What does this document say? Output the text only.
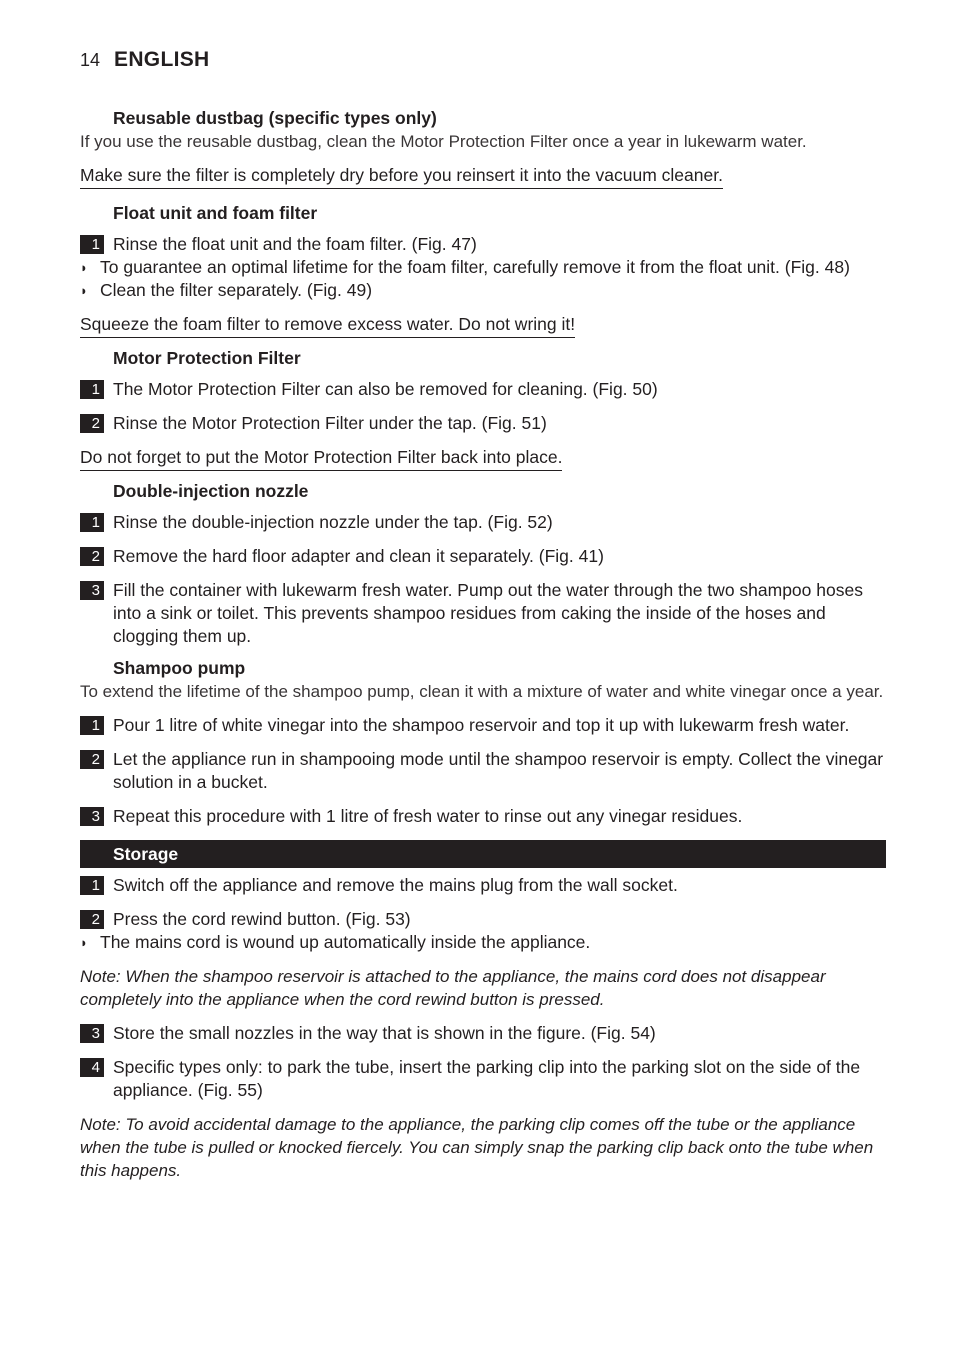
14 ENGLISH

Reusable dustbag (specific types only)

If you use the reusable dustbag, clean the Motor Protection Filter once a year in lukewarm water.

Make sure the filter is completely dry before you reinsert it into the vacuum cleaner.

Float unit and foam filter

1 Rinse the float unit and the foam filter. (Fig. 47)
◗ To guarantee an optimal lifetime for the foam filter, carefully remove it from the float unit. (Fig. 48)
◗ Clean the filter separately. (Fig. 49)
Squeeze the foam filter to remove excess water. Do not wring it!

Motor Protection Filter

1 The Motor Protection Filter can also be removed for cleaning. (Fig. 50)
2 Rinse the Motor Protection Filter under the tap. (Fig. 51)
Do not forget to put the Motor Protection Filter back into place.

Double-injection nozzle

1 Rinse the double-injection nozzle under the tap. (Fig. 52)
2 Remove the hard floor adapter and clean it separately. (Fig. 41)
3 Fill the container with lukewarm fresh water. Pump out the water through the two shampoo hoses into a sink or toilet. This prevents shampoo residues from caking the inside of the hoses and clogging them up.

Shampoo pump

To extend the lifetime of the shampoo pump, clean it with a mixture of water and white vinegar once a year.

1 Pour 1 litre of white vinegar into the shampoo reservoir and top it up with lukewarm fresh water.
2 Let the appliance run in shampooing mode until the shampoo reservoir is empty. Collect the vinegar solution in a bucket.
3 Repeat this procedure with 1 litre of fresh water to rinse out any vinegar residues.
Storage
1 Switch off the appliance and remove the mains plug from the wall socket.
2 Press the cord rewind button. (Fig. 53)
◗ The mains cord is wound up automatically inside the appliance.

Note: When the shampoo reservoir is attached to the appliance, the mains cord does not disappear completely into the appliance when the cord rewind button is pressed.

3 Store the small nozzles in the way that is shown in the figure. (Fig. 54)
4 Specific types only: to park the tube, insert the parking clip into the parking slot on the side of the appliance. (Fig. 55)

Note: To avoid accidental damage to the appliance, the parking clip comes off the tube or the appliance when the tube is pulled or knocked fiercely. You can simply snap the parking clip back onto the tube when this happens.
